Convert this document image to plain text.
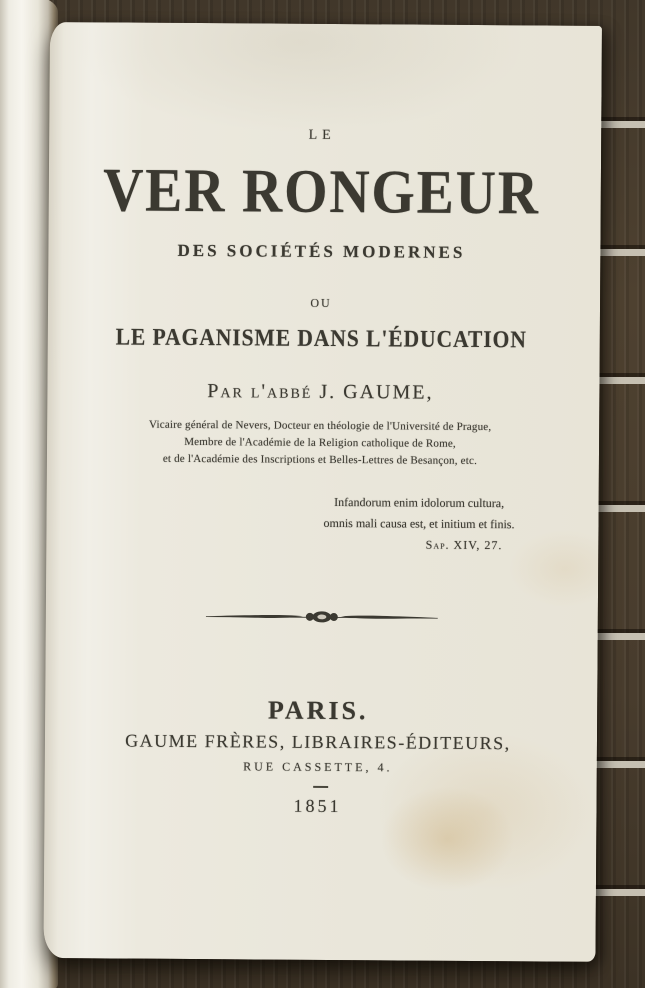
LE
VER RONGEUR
DES SOCIÉTÉS MODERNES
OU
LE PAGANISME DANS L'ÉDUCATION
Par l'abbé J. GAUME,
Vicaire général de Nevers, Docteur en théologie de l'Université de Prague,
Membre de l'Académie de la Religion catholique de Rome,
et de l'Académie des Inscriptions et Belles-Lettres de Besançon, etc.
Infandorum enim idolorum cultura,
omnis mali causa est, et initium et finis.
Sap. XIV, 27.
PARIS.
GAUME FRÈRES, LIBRAIRES-ÉDITEURS,
RUE CASSETTE, 4.
1851
